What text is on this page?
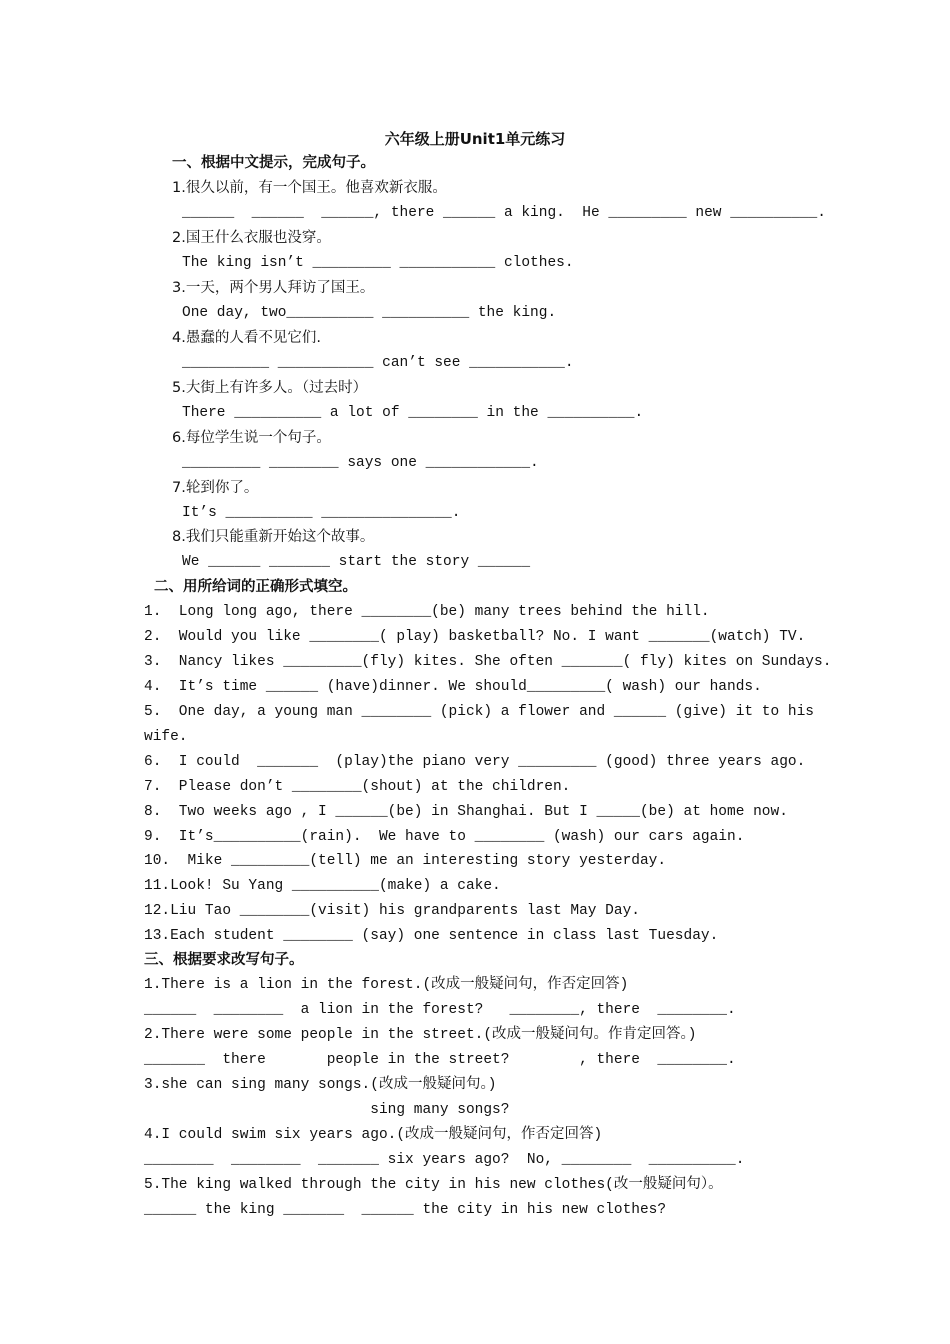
六年级上册Unit1单元练习
一、根据中文提示，完成句子。
1.很久以前，有一个国王。他喜欢新衣服。
______  ______  ______, there ______ a king.  He _________ new __________.
2.国王什么衣服也没穿。
The king isn’t _________ ___________ clothes.
3.一天，两个男人拜访了国王。
One day, two__________ __________ the king.
4.愚蠢的人看不见它们.
__________ ___________ can’t see ___________.
5.大街上有许多人。（过去时）
There __________ a lot of ________ in the __________.
6.每位学生说一个句子。
_________ ________ says one ____________.
7.轮到你了。
It’s __________ _______________.
8.我们只能重新开始这个故事。
We ______ _______ start the story ______
二、用所给词的正确形式填空。
1.  Long long ago, there ________(be) many trees behind the hill.
2.  Would you like ________( play) basketball? No. I want _______(watch) TV.
3.  Nancy likes _________(fly) kites. She often _______( fly) kites on Sundays.
4.  It’s time ______ (have)dinner. We should_________( wash) our hands.
5.  One day, a young man ________ (pick) a flower and ______ (give) it to his
wife.
6.  I could  _______  (play)the piano very _________ (good) three years ago.
7.  Please don’t ________(shout) at the children.
8.  Two weeks ago , I ______(be) in Shanghai. But I _____(be) at home now.
9.  It’s__________(rain).  We have to ________ (wash) our cars again.
10.  Mike _________(tell) me an interesting story yesterday.
11.Look! Su Yang __________(make) a cake.
12.Liu Tao ________(visit) his grandparents last May Day.
13.Each student ________ (say) one sentence in class last Tuesday.
三、根据要求改写句子。
1.There is a lion in the forest.(改成一般疑问句，作否定回答)
______  ________  a lion in the forest?   ________, there  ________.
2.There were some people in the street.(改成一般疑问句。作肯定回答。)
_______  there       people in the street?        , there  ________.
3.she can sing many songs.(改成一般疑问句。)
sing many songs?
4.I could swim six years ago.(改成一般疑问句，作否定回答)
________  ________  _______ six years ago?  No, ________  __________.
5.The king walked through the city in his new clothes(改一般疑问句）。
______ the king _______  ______ the city in his new clothes?
